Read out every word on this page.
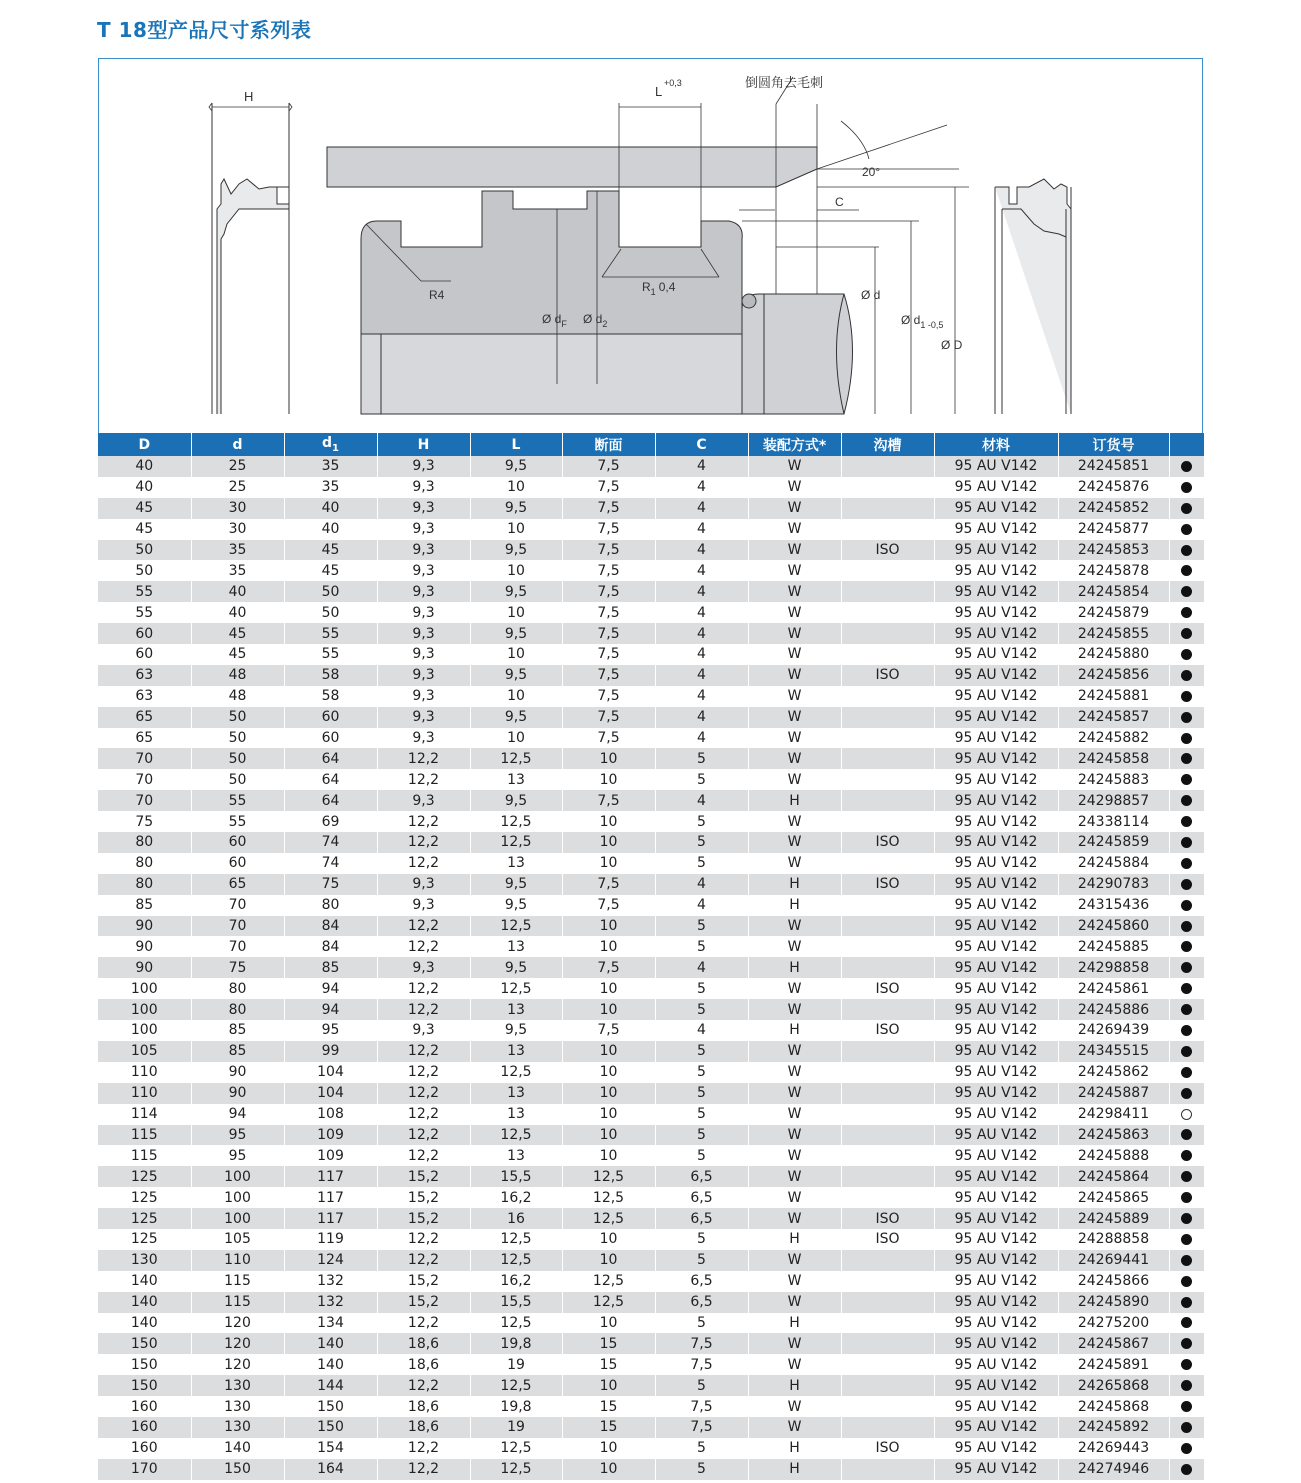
T 18型产品尺寸系列表
H	L
+0,3	倒圆角去毛刺
20°
C
R4
$R_1$ 0,4
Ø $d_F$ Ø $d_2$
Ø d
Ø $d_{1 -0,5}$
Ø D
D	d	$d_1$	H	L	断面	C	装配方式*	沟槽	材料	订货号	
40	25	35	9,3	9,5	7,5	4	W		95 AU V142	24245851	
40	25	35	9,3	10	7,5	4	W		95 AU V142	24245876	
45	30	40	9,3	9,5	7,5	4	W		95 AU V142	24245852	
45	30	40	9,3	10	7,5	4	W		95 AU V142	24245877	
50	35	45	9,3	9,5	7,5	4	W	ISO	95 AU V142	24245853	
50	35	45	9,3	10	7,5	4	W		95 AU V142	24245878	
55	40	50	9,3	9,5	7,5	4	W		95 AU V142	24245854	
55	40	50	9,3	10	7,5	4	W		95 AU V142	24245879	
60	45	55	9,3	9,5	7,5	4	W		95 AU V142	24245855	
60	45	55	9,3	10	7,5	4	W		95 AU V142	24245880	
63	48	58	9,3	9,5	7,5	4	W	ISO	95 AU V142	24245856	
63	48	58	9,3	10	7,5	4	W		95 AU V142	24245881	
65	50	60	9,3	9,5	7,5	4	W		95 AU V142	24245857	
65	50	60	9,3	10	7,5	4	W		95 AU V142	24245882	
70	50	64	12,2	12,5	10	5	W		95 AU V142	24245858	
70	50	64	12,2	13	10	5	W		95 AU V142	24245883	
70	55	64	9,3	9,5	7,5	4	H		95 AU V142	24298857	
75	55	69	12,2	12,5	10	5	W		95 AU V142	24338114	
80	60	74	12,2	12,5	10	5	W	ISO	95 AU V142	24245859	
80	60	74	12,2	13	10	5	W		95 AU V142	24245884	
80	65	75	9,3	9,5	7,5	4	H	ISO	95 AU V142	24290783	
85	70	80	9,3	9,5	7,5	4	H		95 AU V142	24315436	
90	70	84	12,2	12,5	10	5	W		95 AU V142	24245860	
90	70	84	12,2	13	10	5	W		95 AU V142	24245885	
90	75	85	9,3	9,5	7,5	4	H		95 AU V142	24298858	
100	80	94	12,2	12,5	10	5	W	ISO	95 AU V142	24245861	
100	80	94	12,2	13	10	5	W		95 AU V142	24245886	
100	85	95	9,3	9,5	7,5	4	H	ISO	95 AU V142	24269439	
105	85	99	12,2	13	10	5	W		95 AU V142	24345515	
110	90	104	12,2	12,5	10	5	W		95 AU V142	24245862	
110	90	104	12,2	13	10	5	W		95 AU V142	24245887	
114	94	108	12,2	13	10	5	W		95 AU V142	24298411	
115	95	109	12,2	12,5	10	5	W		95 AU V142	24245863	
115	95	109	12,2	13	10	5	W		95 AU V142	24245888	
125	100	117	15,2	15,5	12,5	6,5	W		95 AU V142	24245864	
125	100	117	15,2	16,2	12,5	6,5	W		95 AU V142	24245865	
125	100	117	15,2	16	12,5	6,5	W	ISO	95 AU V142	24245889	
125	105	119	12,2	12,5	10	5	H	ISO	95 AU V142	24288858	
130	110	124	12,2	12,5	10	5	W		95 AU V142	24269441	
140	115	132	15,2	16,2	12,5	6,5	W		95 AU V142	24245866	
140	115	132	15,2	15,5	12,5	6,5	W		95 AU V142	24245890	
140	120	134	12,2	12,5	10	5	H		95 AU V142	24275200	
150	120	140	18,6	19,8	15	7,5	W		95 AU V142	24245867	
150	120	140	18,6	19	15	7,5	W		95 AU V142	24245891	
150	130	144	12,2	12,5	10	5	H		95 AU V142	24265868	
160	130	150	18,6	19,8	15	7,5	W		95 AU V142	24245868	
160	130	150	18,6	19	15	7,5	W		95 AU V142	24245892	
160	140	154	12,2	12,5	10	5	H	ISO	95 AU V142	24269443	
170	150	164	12,2	12,5	10	5	H		95 AU V142	24274946	
